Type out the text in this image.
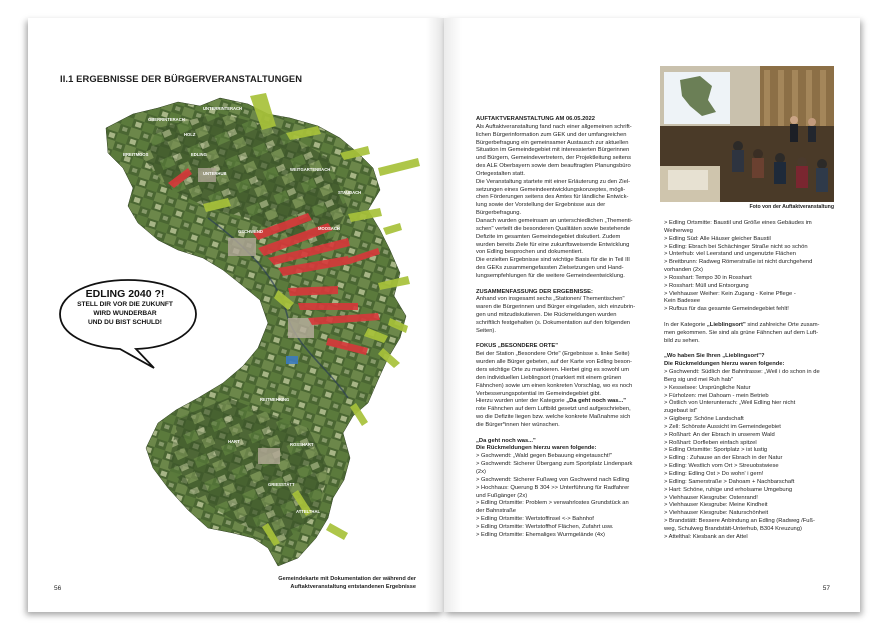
II.1 ERGEBNISSE DER BÜRGERVERANSTALTUNGEN
UNTERRINTERACH
OBERRINTERACH
HOLZ
BREITMOOS	EDLING
UNTERHUB
WEITGARTENBACH
STAUDACH
GSCHWEND
MOOSACH
REITMEHRING
HART
ROSSHART
GRIESSTÄTT
ATTELTHAL
EDLING 2040 ?!
STELL DIR VOR DIE ZUKUNFT
WIRD WUNDERBAR
UND DU BIST SCHULD!
Gemeindekarte mit Dokumentation der während der
Auftaktveranstaltung entstandenen Ergebnisse
56
Foto von der Auftaktveranstaltung

AUFTAKTVERANSTALTUNG AM 06.05.2022

Als Auftaktveranstaltung fand nach einer allgemeinen schrift-

lichen Bürgerinformation zum GEK und der umfangreichen

Bürgerbefragung ein gemeinsamer Austausch zur aktuellen

Situation im Gemeindegebiet mit interessierten Bürgerinnen

und Bürgern, Gemeindevertretern, der Projektleitung seitens

des ALE Oberbayern sowie dem beauftragten Planungsbüro

Ortegestalten statt.

Die Veranstaltung startete mit einer Erläuterung zu den Ziel-

setzungen eines Gemeindeentwicklungskonzeptes, mögli-

chen Förderungen seitens des Amtes für ländliche Entwick-

lung sowie der Vorstellung der Ergebnisse aus der

Bürgerbefragung.

Danach wurden gemeinsam an unterschiedlichen „Thementi-

schen" verteilt die besonderen Qualitäten sowie bestehende

Defizite im gesamten Gemeindegebiet diskutiert. Zudem

wurden bereits Ziele für eine zukunftsweisende Entwicklung

von Edling besprochen und dokumentiert.

Die erzielten Ergebnisse sind wichtige Basis für die in Teil III

des GEKs zusammengefassten Zielsetzungen und Hand-

lungsempfehlungen für die weitere Gemeindeentwicklung.

ZUSAMMENFASSUNG DER ERGEBNISSE:

Anhand von insgesamt sechs „Stationen/ Thementischen"

waren die Bürgerinnen und Bürger eingeladen, sich einzubrin-

gen und mitzudiskutieren. Die Rückmeldungen wurden

schriftlich festgehalten (s. Dokumentation auf den folgenden

Seiten).

FOKUS „BESONDERE ORTE"

Bei der Station „Besondere Orte" (Ergebnisse s. linke Seite)

wurden alle Bürger gebeten, auf der Karte von Edling beson-

ders wichtige Orte zu markieren. Hierbei ging es sowohl um

den individuellen Lieblingsort (markiert mit einem grünen

Fähnchen) sowie um einen konkreten Vorschlag, wo es noch

Verbesserungspotential im Gemeindegebiet gibt.

Hierzu wurden unter der Kategorie „Da geht noch was..."

rote Fähnchen auf dem Luftbild gesetzt und aufgeschrieben,

wo die Defizite liegen bzw. welche konkrete Maßnahme sich

die Bürger*innen hier wünschen.

„Da geht noch was..."

Die Rückmeldungen hierzu waren folgende:

> Gschwendt: „Wald gegen Bebauung eingetauscht!"

> Gschwendt: Sicherer Übergang zum Sportplatz Lindenpark

(2x)

> Gschwendt: Sicherer Fußweg von Gschwend nach Edling

> Hochhaus: Querung B 304 >> Unterführung für Radfahrer

und Fußgänger (2x)

> Edling Ortsmitte: Problem > verwahrlostes Grundstück an

der Bahnstraße

> Edling Ortsmitte: Wertstoffinsel <-> Bahnhof

> Edling Ortsmitte: Wertstoffhof Flächen, Zufahrt usw.

> Edling Ortsmitte: Ehemaliges Wurmgelände (4x)

> Edling Ortsmitte: Baustil und Größe eines Gebäudes im

Weiherweg

> Edling Süd: Alle Häuser gleicher Baustil

> Edling: Ebrach bei Schächinger Straße nicht so schön

> Unterhub: viel Leerstand und ungenutzte Flächen

> Breitbrunn: Radweg Römerstraße ist nicht durchgehend

vorhanden (2x)

> Rosshart: Tempo 30 in Rosshart

> Rosshart: Müll und Entsorgung

> Viehhauser Weiher: Kein Zugang - Keine Pflege -

Kein Badesee

> Rufbus für das gesamte Gemeindegebiet fehlt!

In der Kategorie „Lieblingsort" sind zahlreiche Orte zusam-

men gekommen. Sie sind als grüne Fähnchen auf dem Luft-

bild zu sehen.

„Wo haben Sie Ihren „Lieblingsort"?

Die Rückmeldungen hierzu waren folgende:

> Gschwendt: Südlich der Bahntrasse: „Weil i do schon in de

Berg sig und mei Ruh hab"

> Kesselsee: Ursprüngliche Natur

> Fürholzen: mei Dahoam - mein Betrieb

> Östlich von Unterunterach: „Weil Edling hier nicht

zugebaut ist"

> Gigiberg: Schöne Landschaft

> Zell: Schönste Aussicht im Gemeindegebiet

> Roßhart: An der Ebrach in unserem Wald

> Roßhart: Dorfleben einfach spitzel

> Edling Ortsmitte: Sportplatz > ist lustig

> Edling : Zuhause an der Ebrach in der Natur

> Edling: Westlich vom Ort > Streuobstwiese

> Edling: Edling Ost > Do wohn' i gern!

> Edling: Samerstraße > Dahoam + Nachbarschaft

> Hart: Schöne, ruhige und erholsame Umgebung

> Viehhauser Kiesgrube: Ostenrand!

> Viehhauser Kiesgrube: Meine Kindheit

> Viehhauser Kiesgrube: Naturschönheit

> Brandstätt: Bessere Anbindung an Edling (Radweg /Fuß-

weg, Schulweg Brandstätt-Unterhub, B304 Kreuzung)

> Attelthal: Kiesbank an der Attel

57
